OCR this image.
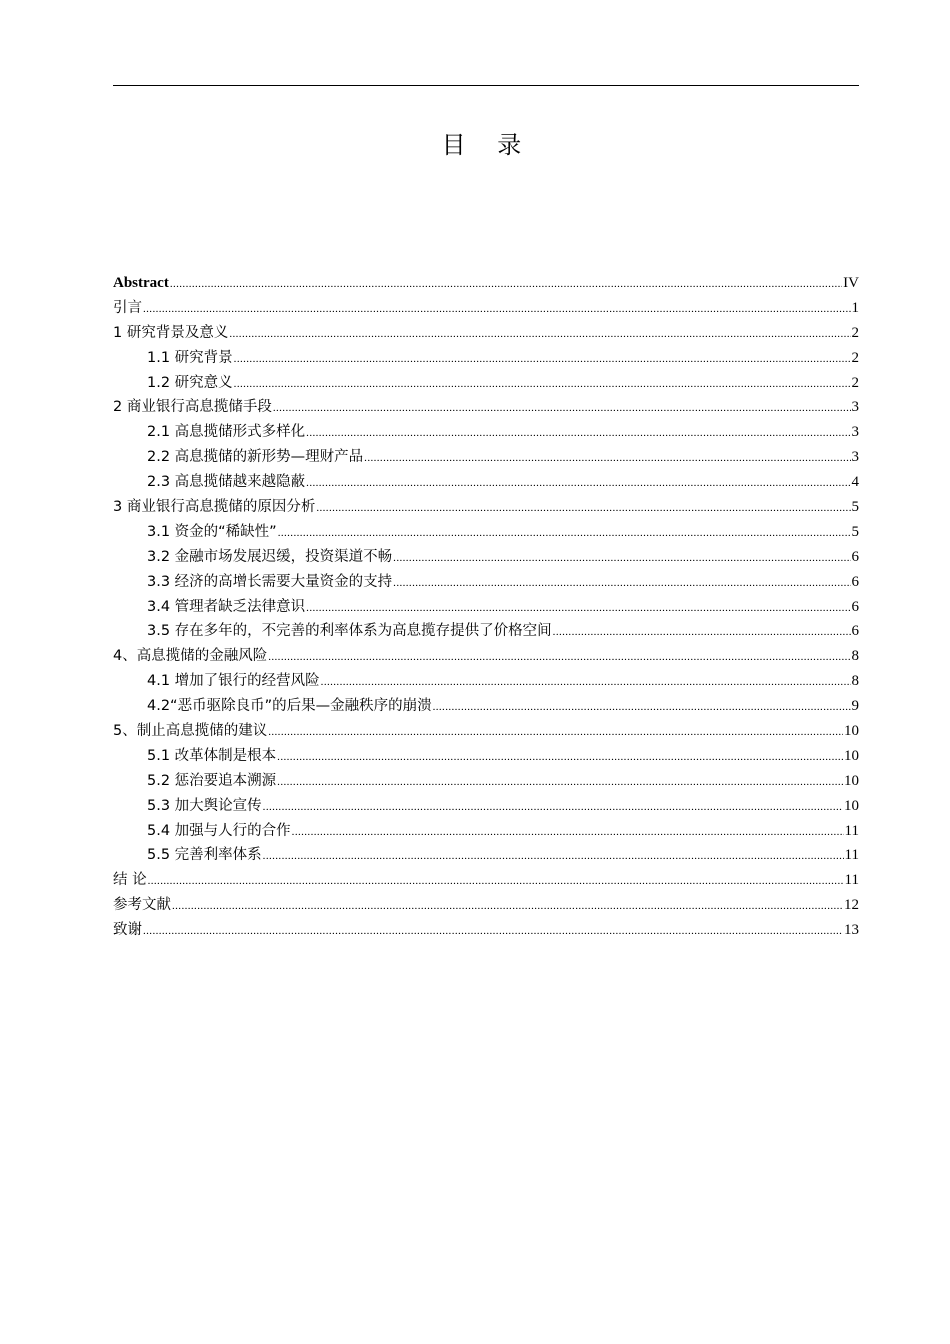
目 录
Abstract .....	IV
引言 .....	1
1 研究背景及意义 .....	2
1.1 研究背景 .....	2
1.2 研究意义 .....	2
2 商业银行高息揽储手段 .....	3
2.1 高息揽储形式多样化 .....	3
2.2 高息揽储的新形势—理财产品 .....	3
2.3 高息揽储越来越隐蔽 .....	4
3 商业银行高息揽储的原因分析 .....	5
3.1 资金的“稀缺性” .....	5
3.2 金融市场发展迟缓，投资渠道不畅 .....	6
3.3 经济的高增长需要大量资金的支持 .....	6
3.4 管理者缺乏法律意识 .....	6
3.5 存在多年的，不完善的利率体系为高息揽存提供了价格空间 .....	6
4、高息揽储的金融风险 .....	8
4.1 增加了银行的经营风险 .....	8
4.2“恶币驱除良币”的后果—金融秩序的崩溃 .....	9
5、制止高息揽储的建议 .....	10
5.1 改革体制是根本 .....	10
5.2 惩治要追本溯源 .....	10
5.3 加大舆论宣传 .....	10
5.4 加强与人行的合作 .....	11
5.5 完善利率体系 .....	11
结 论 .....	11
参考文献 .....	12
致谢 .....	13
